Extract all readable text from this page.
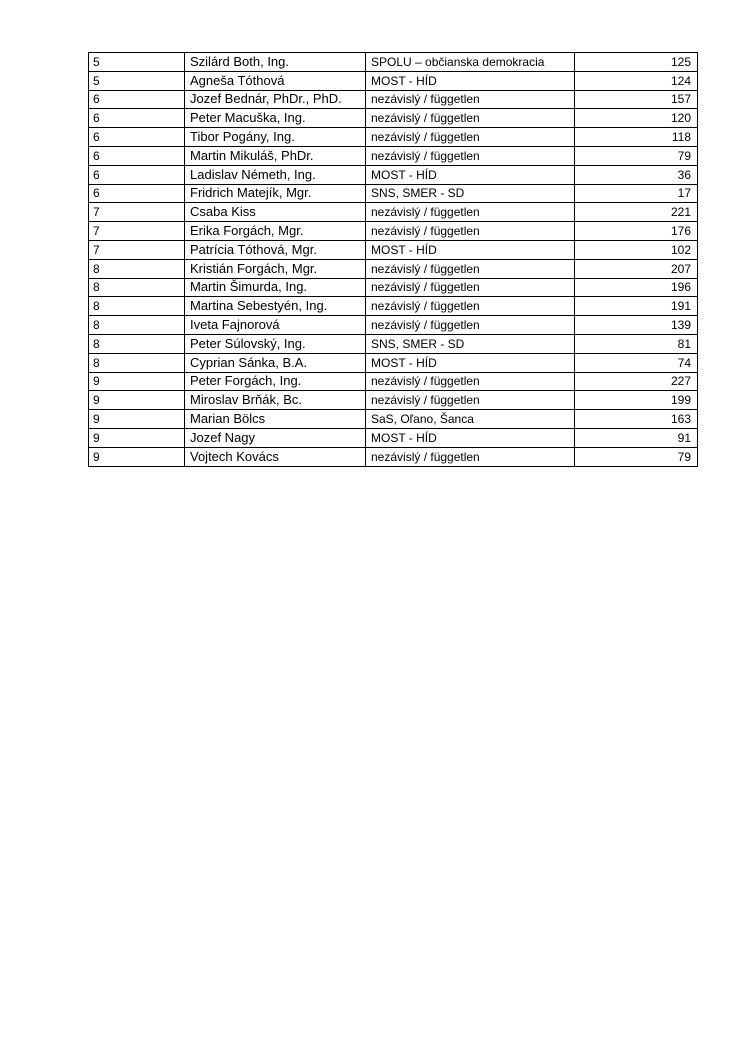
5	Szilárd Both, Ing.	SPOLU – občianska demokracia	125
5	Agneša Tóthová	MOST - HÍD	124
6	Jozef Bednár, PhDr., PhD.	nezávislý / független	157
6	Peter Macuška, Ing.	nezávislý / független	120
6	Tibor Pogány, Ing.	nezávislý / független	118
6	Martin Mikuláš, PhDr.	nezávislý / független	79
6	Ladislav Németh, Ing.	MOST - HÍD	36
6	Fridrich Matejík, Mgr.	SNS, SMER - SD	17
7	Csaba Kiss	nezávislý / független	221
7	Erika Forgách, Mgr.	nezávislý / független	176
7	Patrícia Tóthová, Mgr.	MOST - HÍD	102
8	Kristián Forgách, Mgr.	nezávislý / független	207
8	Martin Šimurda, Ing.	nezávislý / független	196
8	Martina Sebestyén, Ing.	nezávislý / független	191
8	Iveta Fajnorová	nezávislý / független	139
8	Peter Súlovský, Ing.	SNS, SMER - SD	81
8	Cyprian Sánka, B.A.	MOST - HÍD	74
9	Peter Forgách, Ing.	nezávislý / független	227
9	Miroslav Brňák, Bc.	nezávislý / független	199
9	Marian Bölcs	SaS, Oľano, Šanca	163
9	Jozef Nagy	MOST - HÍD	91
9	Vojtech Kovács	nezávislý / független	79
